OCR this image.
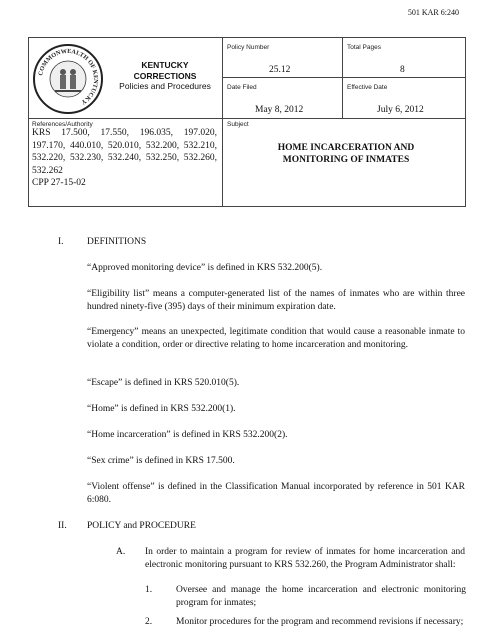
501 KAR 6:240
COMMONWEALTH OF KENTUCKY
KENTUCKY
CORRECTIONS
Policies and Procedures
Policy Number
25.12
Total Pages
8
Date Filed
May 8, 2012
Effective Date
July 6, 2012
References/Authority
KRS 17.500, 17.550, 196.035, 197.020, 197.170, 440.010, 520.010, 532.200, 532.210, 532.220, 532.230, 532.240, 532.250, 532.260, 532.262
CPP 27-15-02
Subject
HOME INCARCERATION AND
MONITORING OF INMATES
I. DEFINITIONS
“Approved monitoring device” is defined in KRS 532.200(5).
“Eligibility list” means a computer-generated list of the names of inmates who are within three hundred ninety-five (395) days of their minimum expiration date.
“Emergency” means an unexpected, legitimate condition that would cause a reasonable inmate to violate a condition, order or directive relating to home incarceration and monitoring.
“Escape” is defined in KRS 520.010(5).
“Home” is defined in KRS 532.200(1).
“Home incarceration” is defined in KRS 532.200(2).
“Sex crime” is defined in KRS 17.500.
“Violent offense” is defined in the Classification Manual incorporated by reference in 501 KAR 6:080.
II. POLICY and PROCEDURE
A. In order to maintain a program for review of inmates for home incarceration and electronic monitoring pursuant to KRS 532.260, the Program Administrator shall:
1.	Oversee and manage the home incarceration and electronic monitoring program for inmates;
2.	Monitor procedures for the program and recommend revisions if necessary;
